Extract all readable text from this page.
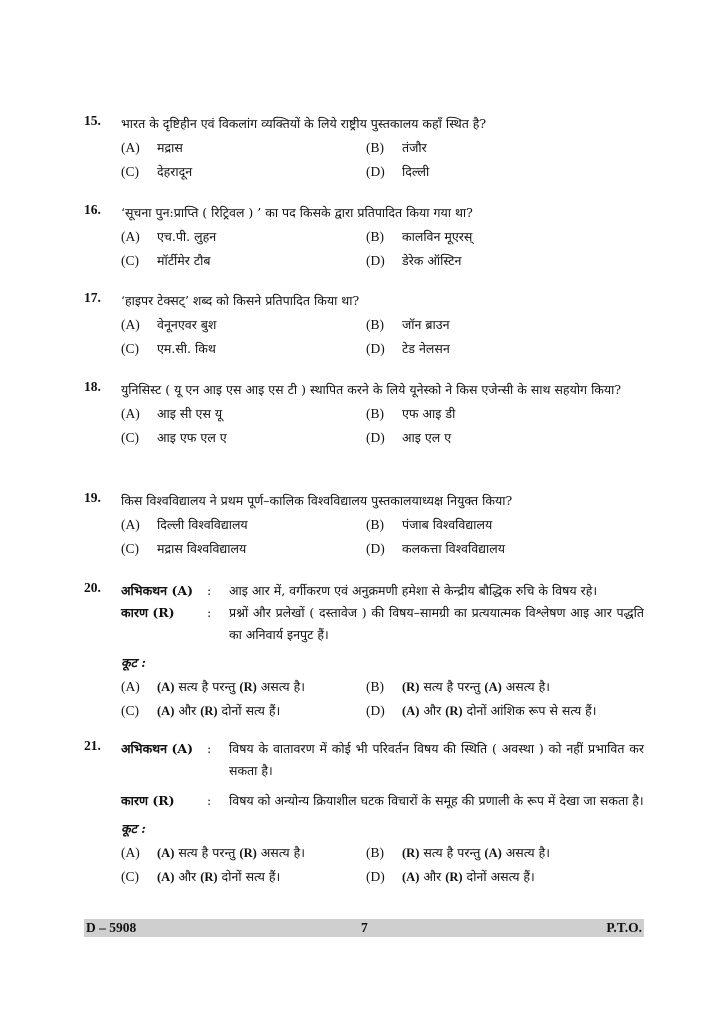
15. भारत के दृष्टिहीन एवं विकलांग व्यक्तियों के लिये राष्ट्रीय पुस्तकालय कहाँ स्थित है?
(A)	मद्रास	(B)	तंजौर
(C)	देहरादून	(D)	दिल्ली
16. ‘सूचना पुन:प्राप्ति ( रिट्रिवल ) ’ का पद किसके द्वारा प्रतिपादित किया गया था?
(A)	एच.पी. लुहन	(B)	कालविन मूएरस्
(C)	मॉर्टीमेर टौब	(D)	डेरेक ऑस्टिन
17. ‘हाइपर टेक्सट्’ शब्द को किसने प्रतिपादित किया था?
(A)	वेनूनएवर बुश	(B)	जॉन ब्राउन
(C)	एम.सी. किथ	(D)	टेड नेलसन
18. युनिसिस्ट ( यू एन आइ एस आइ एस टी ) स्थापित करने के लिये यूनेस्को ने किस एजेन्सी के साथ सहयोग किया?
(A)	आइ सी एस यू	(B)	एफ आइ डी
(C)	आइ एफ एल ए	(D)	आइ एल ए
19. किस विश्वविद्यालय ने प्रथम पूर्ण–कालिक विश्वविद्यालय पुस्तकालयाध्यक्ष नियुक्त किया?
(A)	दिल्ली विश्वविद्यालय	(B)	पंजाब विश्वविद्यालय
(C)	मद्रास विश्वविद्यालय	(D)	कलकत्ता विश्वविद्यालय
20. अभिकथन (A)	:	आइ आर में, वर्गीकरण एवं अनुक्रमणी हमेशा से केन्द्रीय बौद्धिक रुचि के विषय रहे।
कारण (R)	:	प्रश्नों और प्रलेखों ( दस्तावेज ) की विषय–सामग्री का प्रत्ययात्मक विश्लेषण आइ आर पद्धति का अनिवार्य इनपुट हैं।
कूट :
(A)	(A) सत्य है परन्तु (R) असत्य है।	(B)	(R) सत्य है परन्तु (A) असत्य है।
(C)	(A) और (R) दोनों सत्य हैं।	(D)	(A) और (R) दोनों आंशिक रूप से सत्य हैं।
21. अभिकथन (A)	:	विषय के वातावरण में कोई भी परिवर्तन विषय की स्थिति ( अवस्था ) को नहीं प्रभावित कर सकता है।
कारण (R)	:	विषय को अन्योन्य क्रियाशील घटक विचारों के समूह की प्रणाली के रूप में देखा जा सकता है।
कूट :
(A)	(A) सत्य है परन्तु (R) असत्य है।	(B)	(R) सत्य है परन्तु (A) असत्य है।
(C)	(A) और (R) दोनों सत्य हैं।	(D)	(A) और (R) दोनों असत्य हैं।
D – 5908	7	P.T.O.
